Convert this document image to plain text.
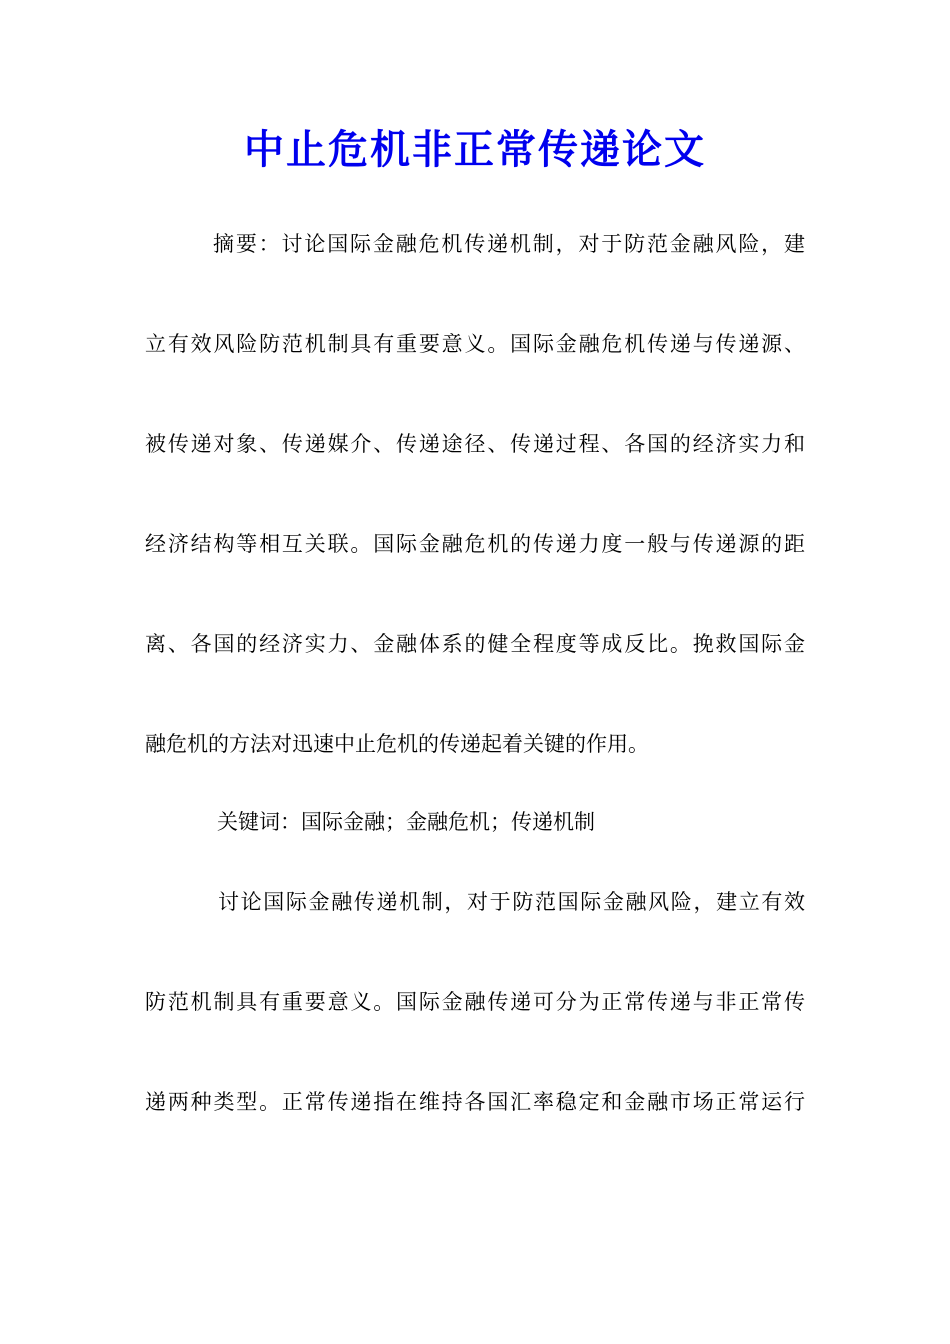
中止危机非正常传递论文
摘要：讨论国际金融危机传递机制，对于防范金融风险，建
立有效风险防范机制具有重要意义。国际金融危机传递与传递源、
被传递对象、传递媒介、传递途径、传递过程、各国的经济实力和
经济结构等相互关联。国际金融危机的传递力度一般与传递源的距
离、各国的经济实力、金融体系的健全程度等成反比。挽救国际金
融危机的方法对迅速中止危机的传递起着关键的作用。
关键词：国际金融；金融危机；传递机制
讨论国际金融传递机制，对于防范国际金融风险，建立有效
防范机制具有重要意义。国际金融传递可分为正常传递与非正常传
递两种类型。正常传递指在维持各国汇率稳定和金融市场正常运行
